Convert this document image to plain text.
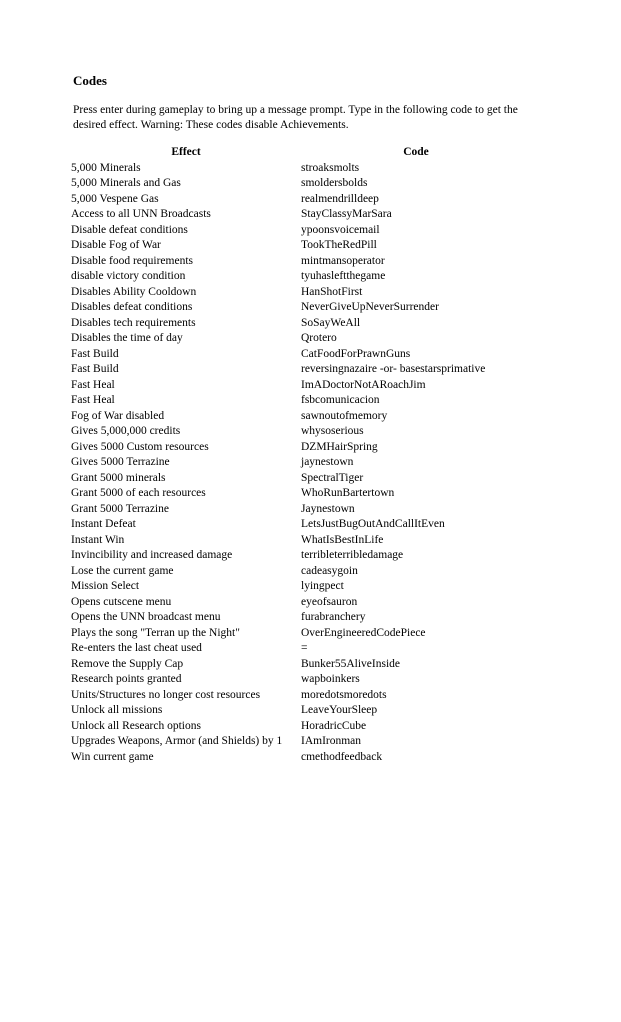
Codes

Press enter during gameplay to bring up a message prompt. Type in the following code to get the desired effect. Warning: These codes disable Achievements.

Effect	Code
5,000 Minerals	stroaksmolts
5,000 Minerals and Gas	smoldersbolds
5,000 Vespene Gas	realmendrilldeep
Access to all UNN Broadcasts	StayClassyMarSara
Disable defeat conditions	ypoonsvoicemail
Disable Fog of War	TookTheRedPill
Disable food requirements	mintmansoperator
disable victory condition	tyuhasleftthegame
Disables Ability Cooldown	HanShotFirst
Disables defeat conditions	NeverGiveUpNeverSurrender
Disables tech requirements	SoSayWeAll
Disables the time of day	Qrotero
Fast Build	CatFoodForPrawnGuns
Fast Build	reversingnazaire -or- basestarsprimative
Fast Heal	ImADoctorNotARoachJim
Fast Heal	fsbcomunicacion
Fog of War disabled	sawnoutofmemory
Gives 5,000,000 credits	whysoserious
Gives 5000 Custom resources	DZMHairSpring
Gives 5000 Terrazine	jaynestown
Grant 5000 minerals	SpectralTiger
Grant 5000 of each resources	WhoRunBartertown
Grant 5000 Terrazine	Jaynestown
Instant Defeat	LetsJustBugOutAndCallItEven
Instant Win	WhatIsBestInLife
Invincibility and increased damage	terribleterribledamage
Lose the current game	cadeasygoin
Mission Select	lyingpect
Opens cutscene menu	eyeofsauron
Opens the UNN broadcast menu	furabranchery
Plays the song "Terran up the Night"	OverEngineeredCodePiece
Re-enters the last cheat used	=
Remove the Supply Cap	Bunker55AliveInside
Research points granted	wapboinkers
Units/Structures no longer cost resources	moredotsmoredots
Unlock all missions	LeaveYourSleep
Unlock all Research options	HoradricCube
Upgrades Weapons, Armor (and Shields) by 1	IAmIronman
Win current game	cmethodfeedback
